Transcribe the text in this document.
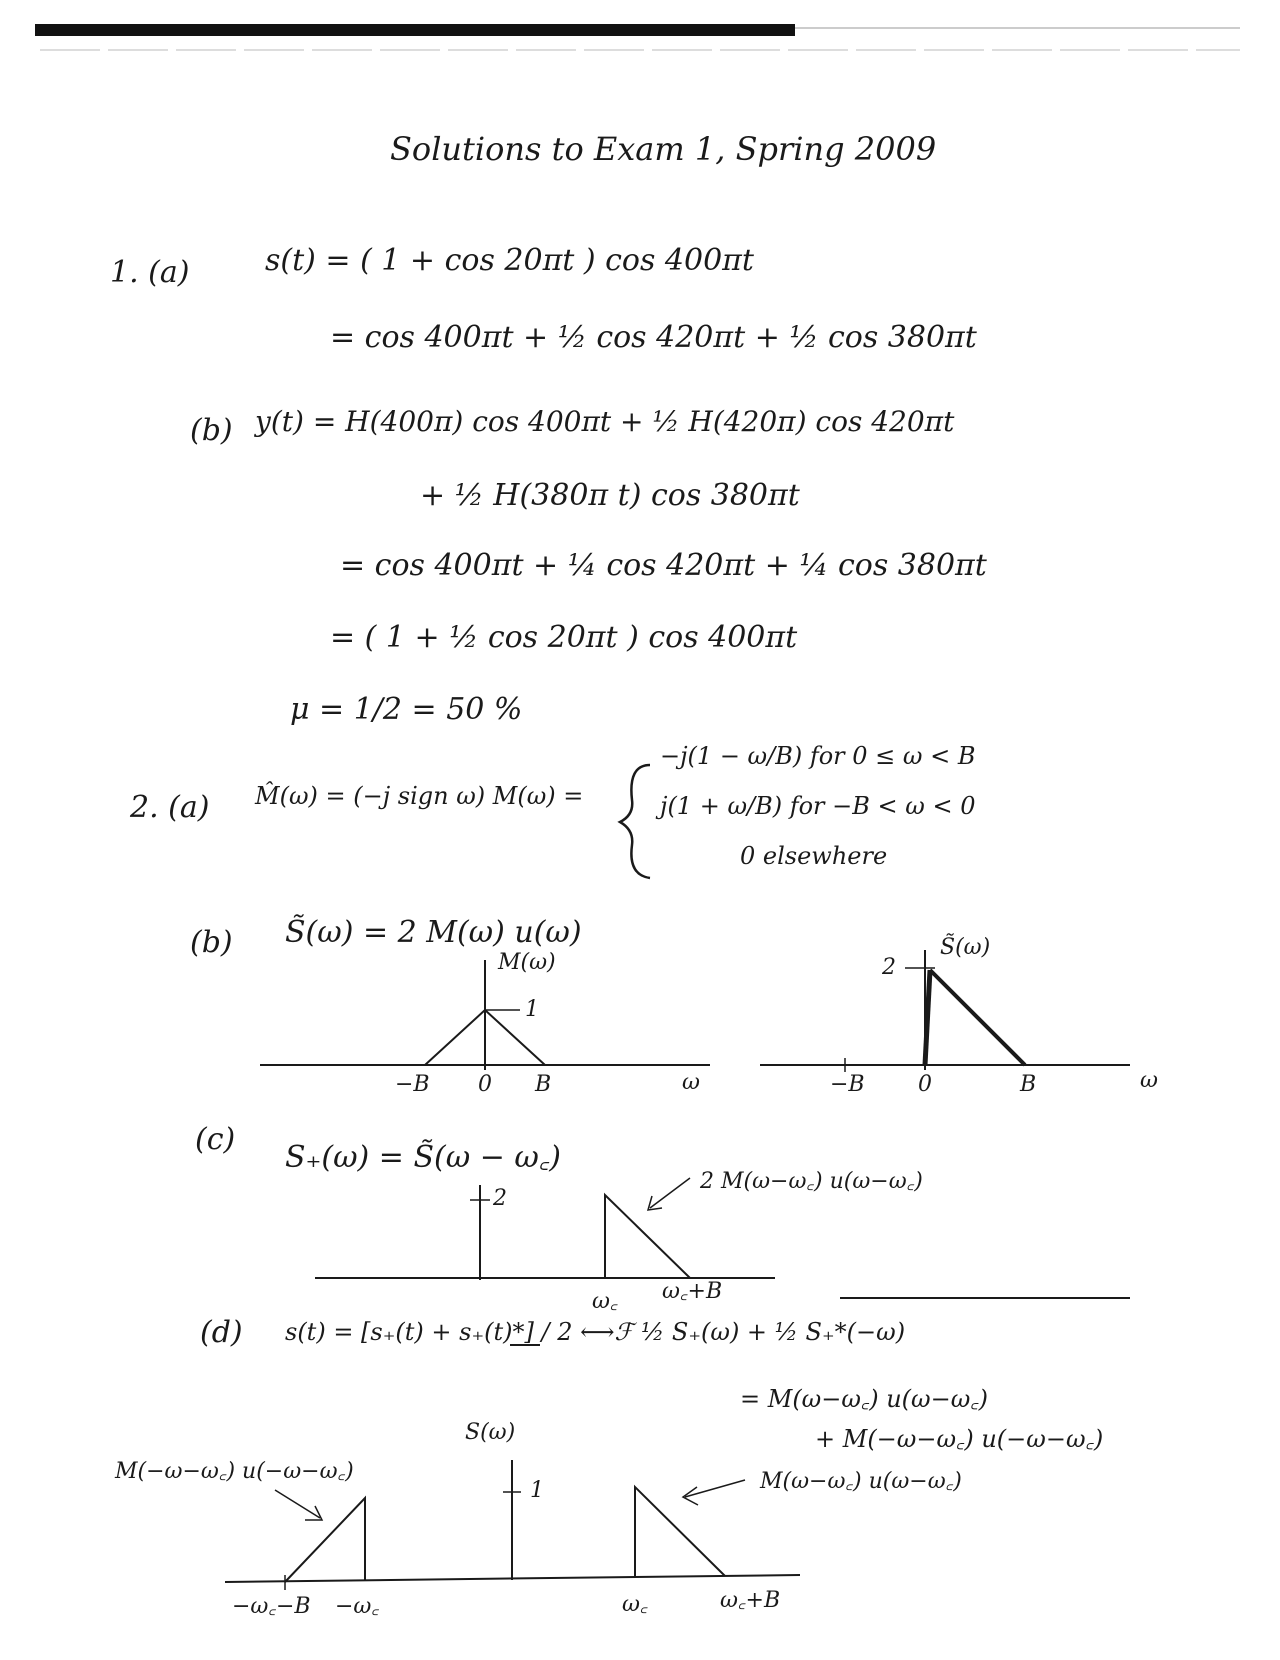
Solutions to Exam 1, Spring 2009
1. (a)	s(t) = ( 1 + cos 20πt ) cos 400πt
= cos 400πt + ½ cos 420πt + ½ cos 380πt
(b) y(t) = H(400π) cos 400πt + ½ H(420π) cos 420πt
+ ½ H(380π t) cos 380πt
= cos 400πt + ¼ cos 420πt + ¼ cos 380πt
= ( 1 + ½ cos 20πt ) cos 400πt
μ = 1/2 = 50 %
2. (a) M̂(ω) = (−j sign ω) M(ω) =
−j(1 − ω/B) for 0 ≤ ω < B
j(1 + ω/B) for −B < ω < 0
0 elsewhere
(b) S̃(ω) = 2 M(ω) u(ω)
M(ω)
1
−B 0 B	ω
S̃(ω)
2
−B 0	B	ω
(c)
S₊(ω) = S̃(ω − ω꜀)
2
2 M(ω−ω꜀) u(ω−ω꜀)
ω꜀ ω꜀+B
(d) s(t) = [s₊(t) + s₊(t)*] / 2 ⟷ℱ ½ S₊(ω) + ½ S₊*(−ω)
= M(ω−ω꜀) u(ω−ω꜀)
+ M(−ω−ω꜀) u(−ω−ω꜀)
S(ω)
1
M(−ω−ω꜀) u(−ω−ω꜀)	M(ω−ω꜀) u(ω−ω꜀)
−ω꜀−B −ω꜀	ω꜀	ω꜀+B
